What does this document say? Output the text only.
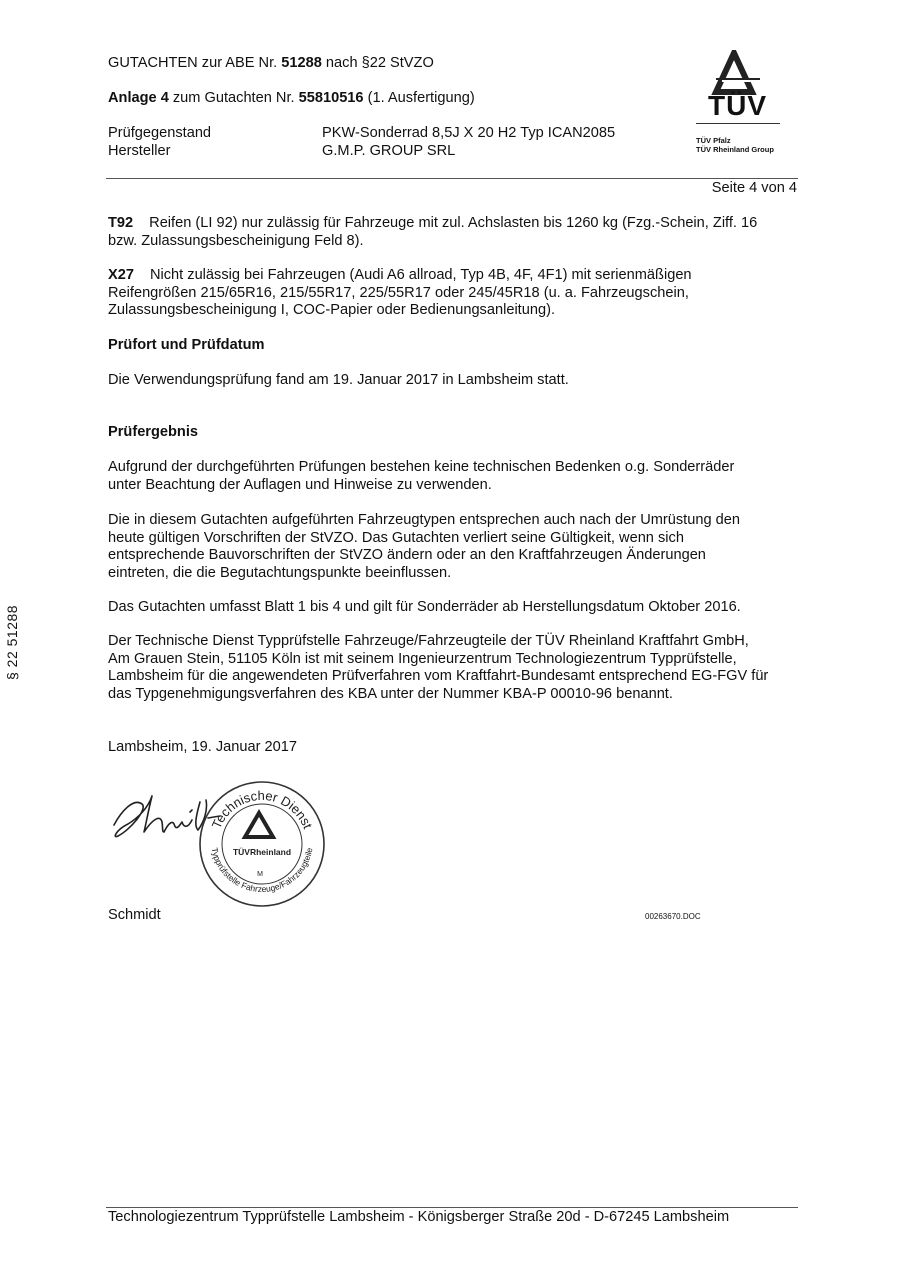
GUTACHTEN zur ABE Nr. 51288 nach §22 StVZO
Anlage 4 zum Gutachten Nr. 55810516 (1. Ausfertigung)
Prüfgegenstand	PKW-Sonderrad 8,5J X 20 H2 Typ ICAN2085
Hersteller	G.M.P. GROUP SRL
TÜV
TÜV Pfalz
TÜV Rheinland Group
Seite 4 von 4
§ 22 51288
T92 Reifen (LI 92) nur zulässig für Fahrzeuge mit zul. Achslasten bis 1260 kg (Fzg.-Schein, Ziff. 16
bzw. Zulassungsbescheinigung Feld 8).
X27 Nicht zulässig bei Fahrzeugen (Audi A6 allroad, Typ 4B, 4F, 4F1) mit serienmäßigen
Reifengrößen 215/65R16, 215/55R17, 225/55R17 oder 245/45R18 (u. a. Fahrzeugschein,
Zulassungsbescheinigung I, COC-Papier oder Bedienungsanleitung).
Prüfort und Prüfdatum
Die Verwendungsprüfung fand am 19. Januar 2017 in Lambsheim statt.
Prüfergebnis
Aufgrund der durchgeführten Prüfungen bestehen keine technischen Bedenken o.g. Sonderräder
unter Beachtung der Auflagen und Hinweise zu verwenden.
Die in diesem Gutachten aufgeführten Fahrzeugtypen entsprechen auch nach der Umrüstung den
heute gültigen Vorschriften der StVZO. Das Gutachten verliert seine Gültigkeit, wenn sich
entsprechende Bauvorschriften der StVZO ändern oder an den Kraftfahrzeugen Änderungen
eintreten, die die Begutachtungspunkte beeinflussen.
Das Gutachten umfasst Blatt 1 bis 4 und gilt für Sonderräder ab Herstellungsdatum Oktober 2016.
Der Technische Dienst Typprüfstelle Fahrzeuge/Fahrzeugteile der TÜV Rheinland Kraftfahrt GmbH,
Am Grauen Stein, 51105 Köln ist mit seinem Ingenieurzentrum Technologiezentrum Typprüfstelle,
Lambsheim für die angewendeten Prüfverfahren vom Kraftfahrt-Bundesamt entsprechend EG-FGV für
das Typgenehmigungsverfahren des KBA unter der Nummer KBA-P 00010-96 benannt.
Lambsheim, 19. Januar 2017
Technischer Dienst
Typprüfstelle Fahrzeuge/Fahrzeugteile
TÜVRheinland
M
Schmidt	00263670.DOC
Technologiezentrum Typprüfstelle Lambsheim - Königsberger Straße 20d - D-67245 Lambsheim
